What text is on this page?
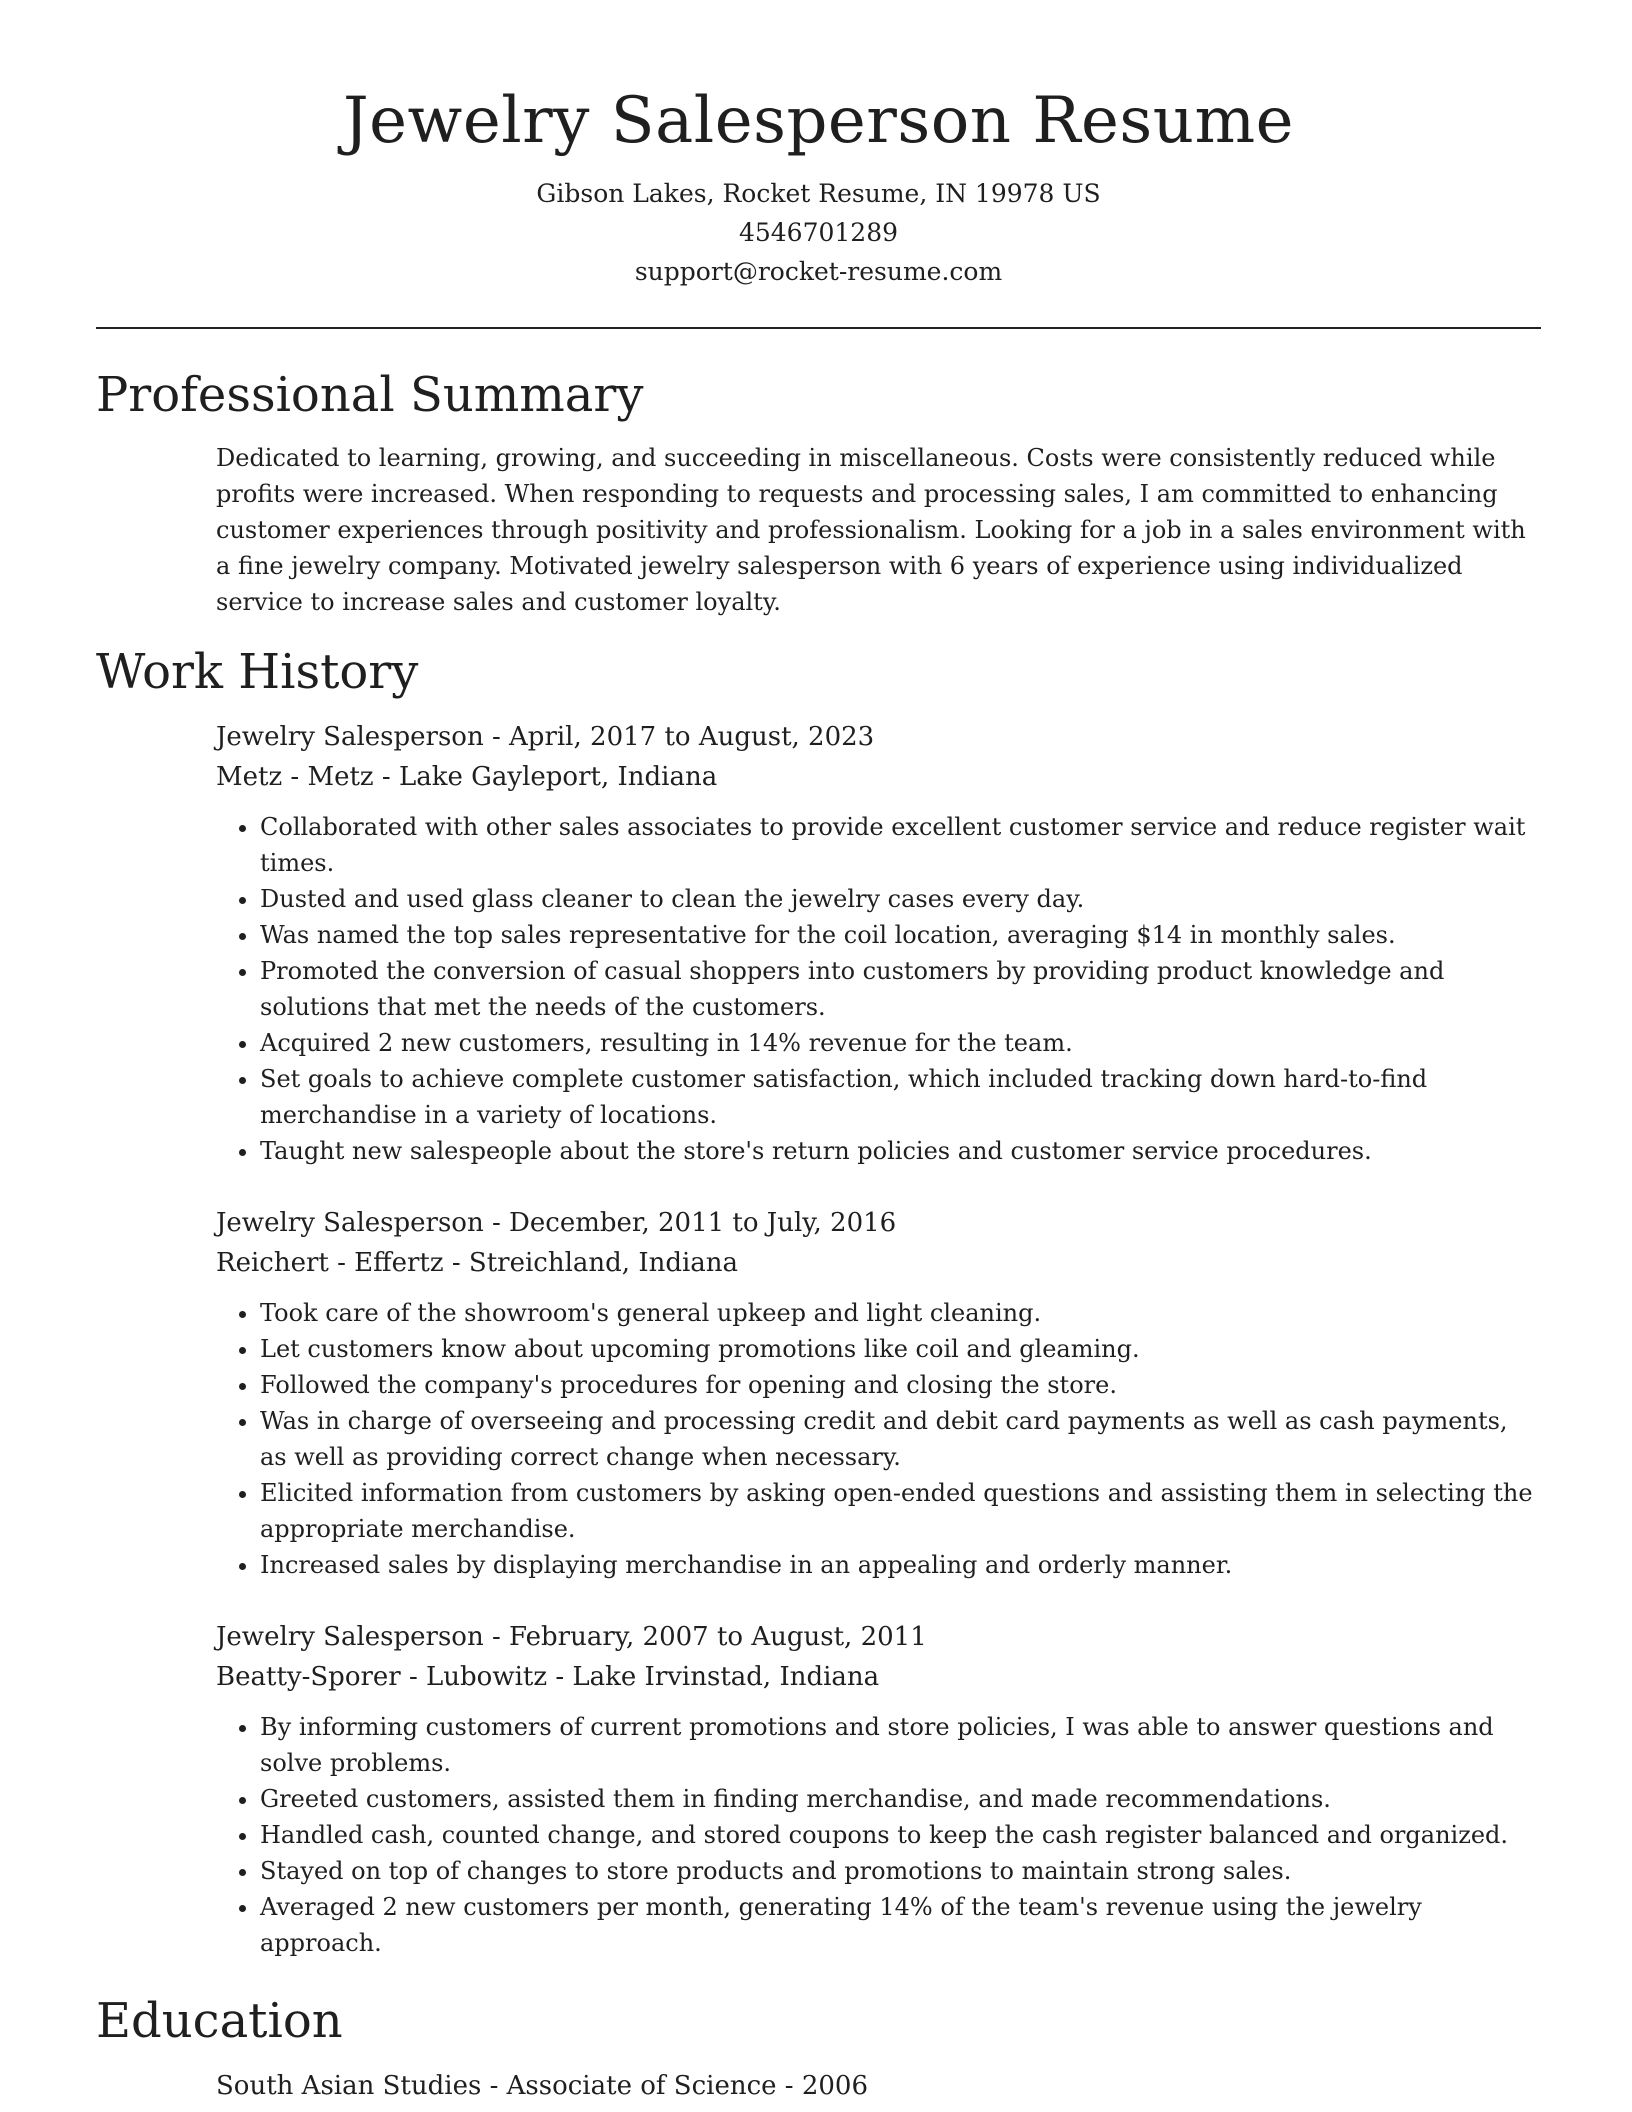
Jewelry Salesperson Resume
Gibson Lakes, Rocket Resume, IN 19978 US
4546701289
support@rocket-resume.com
Professional Summary
Dedicated to learning, growing, and succeeding in miscellaneous. Costs were consistently reduced while profits were increased. When responding to requests and processing sales, I am committed to enhancing customer experiences through positivity and professionalism. Looking for a job in a sales environment with a fine jewelry company. Motivated jewelry salesperson with 6 years of experience using individualized service to increase sales and customer loyalty.
Work History
Jewelry Salesperson - April, 2017 to August, 2023
Metz - Metz - Lake Gayleport, Indiana
• Collaborated with other sales associates to provide excellent customer service and reduce register wait times.
• Dusted and used glass cleaner to clean the jewelry cases every day.
• Was named the top sales representative for the coil location, averaging $14 in monthly sales.
• Promoted the conversion of casual shoppers into customers by providing product knowledge and solutions that met the needs of the customers.
• Acquired 2 new customers, resulting in 14% revenue for the team.
• Set goals to achieve complete customer satisfaction, which included tracking down hard-to-find merchandise in a variety of locations.
• Taught new salespeople about the store's return policies and customer service procedures.
Jewelry Salesperson - December, 2011 to July, 2016
Reichert - Effertz - Streichland, Indiana
• Took care of the showroom's general upkeep and light cleaning.
• Let customers know about upcoming promotions like coil and gleaming.
• Followed the company's procedures for opening and closing the store.
• Was in charge of overseeing and processing credit and debit card payments as well as cash payments, as well as providing correct change when necessary.
• Elicited information from customers by asking open-ended questions and assisting them in selecting the appropriate merchandise.
• Increased sales by displaying merchandise in an appealing and orderly manner.
Jewelry Salesperson - February, 2007 to August, 2011
Beatty-Sporer - Lubowitz - Lake Irvinstad, Indiana
• By informing customers of current promotions and store policies, I was able to answer questions and solve problems.
• Greeted customers, assisted them in finding merchandise, and made recommendations.
• Handled cash, counted change, and stored coupons to keep the cash register balanced and organized.
• Stayed on top of changes to store products and promotions to maintain strong sales.
• Averaged 2 new customers per month, generating 14% of the team's revenue using the jewelry approach.
Education
South Asian Studies - Associate of Science - 2006
